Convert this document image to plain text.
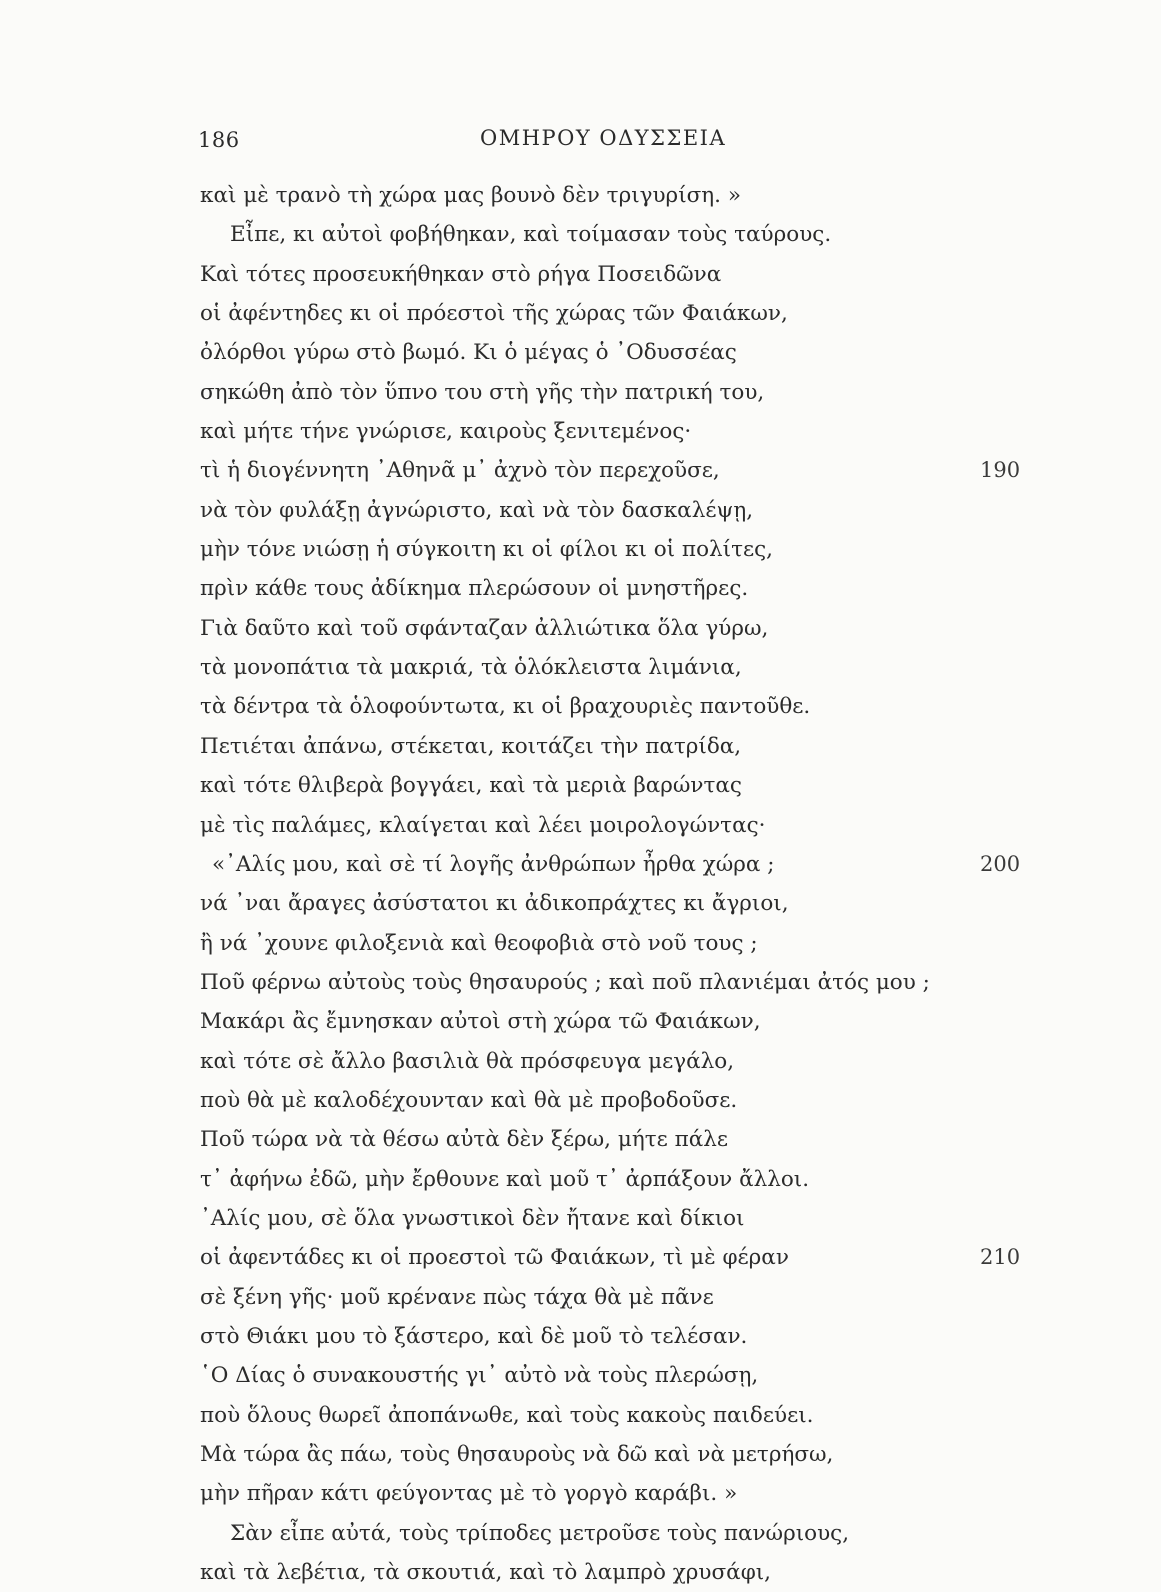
186	ΟΜΗΡΟΥ ΟΔΥΣΣΕΙΑ
καὶ μὲ τρανὸ τὴ χώρα μας βουνὸ δὲν τριγυρίση. »
Εἶπε, κι αὐτοὶ φοβήθηκαν, καὶ τοίμασαν τοὺς ταύρους.
Καὶ τότες προσευκήθηκαν στὸ ρήγα Ποσειδῶνα
οἱ ἀφέντηδες κι οἱ πρόεστοὶ τῆς χώρας τῶν Φαιάκων,
ὀλόρθοι γύρω στὸ βωμό. Κι ὁ μέγας ὁ ᾽Οδυσσέας
σηκώθη ἀπὸ τὸν ὕπνο του στὴ γῆς τὴν πατρική του,
καὶ μήτε τήνε γνώρισε, καιροὺς ξενιτεμένος·
τὶ ἡ διογέννητη ᾽Αθηνᾶ μ᾽ ἀχνὸ τὸν περεχοῦσε,	190
νὰ τὸν φυλάξῃ ἀγνώριστο, καὶ νὰ τὸν δασκαλέψῃ,
μὴν τόνε νιώσῃ ἡ σύγκοιτη κι οἱ φίλοι κι οἱ πολίτες,
πρὶν κάθε τους ἀδίκημα πλερώσουν οἱ μνηστῆρες.
Γιὰ δαῦτο καὶ τοῦ σφάνταζαν ἀλλιώτικα ὅλα γύρω,
τὰ μονοπάτια τὰ μακριά, τὰ ὁλόκλειστα λιμάνια,
τὰ δέντρα τὰ ὁλοφούντωτα, κι οἱ βραχουριὲς παντοῦθε.
Πετιέται ἀπάνω, στέκεται, κοιτάζει τὴν πατρίδα,
καὶ τότε θλιβερὰ βογγάει, καὶ τὰ μεριὰ βαρώντας
μὲ τὶς παλάμες, κλαίγεται καὶ λέει μοιρολογώντας·
«᾽Αλίς μου, καὶ σὲ τί λογῆς ἀνθρώπων ἦρθα χώρα ;	200
νά ᾽ναι ἄραγες ἀσύστατοι κι ἀδικοπράχτες κι ἄγριοι,
ἢ νά ᾽χουνε φιλοξενιὰ καὶ θεοφοβιὰ στὸ νοῦ τους ;
Ποῦ φέρνω αὐτοὺς τοὺς θησαυρούς ; καὶ ποῦ πλανιέμαι ἀτός μου ;
Μακάρι ἂς ἔμνησκαν αὐτοὶ στὴ χώρα τῶ Φαιάκων,
καὶ τότε σὲ ἄλλο βασιλιὰ θὰ πρόσφευγα μεγάλο,
ποὺ θὰ μὲ καλοδέχουνταν καὶ θὰ μὲ προβοδοῦσε.
Ποῦ τώρα νὰ τὰ θέσω αὐτὰ δὲν ξέρω, μήτε πάλε
τ᾽ ἀφήνω ἐδῶ, μὴν ἔρθουνε καὶ μοῦ τ᾽ ἀρπάξουν ἄλλοι.
᾽Αλίς μου, σὲ ὅλα γνωστικοὶ δὲν ἤτανε καὶ δίκιοι
οἱ ἀφεντάδες κι οἱ προεστοὶ τῶ Φαιάκων, τὶ μὲ φέραν	210
σὲ ξένη γῆς· μοῦ κρένανε πὼς τάχα θὰ μὲ πᾶνε
στὸ Θιάκι μου τὸ ξάστερο, καὶ δὲ μοῦ τὸ τελέσαν.
῾Ο Δίας ὁ συνακουστής γι᾽ αὐτὸ νὰ τοὺς πλερώσῃ,
ποὺ ὅλους θωρεῖ ἀποπάνωθε, καὶ τοὺς κακοὺς παιδεύει.
Μὰ τώρα ἂς πάω, τοὺς θησαυροὺς νὰ δῶ καὶ νὰ μετρήσω,
μὴν πῆραν κάτι φεύγοντας μὲ τὸ γοργὸ καράβι. »
Σὰν εἶπε αὐτά, τοὺς τρίποδες μετροῦσε τοὺς πανώριους,
καὶ τὰ λεβέτια, τὰ σκουτιά, καὶ τὸ λαμπρὸ χρυσάφι,
